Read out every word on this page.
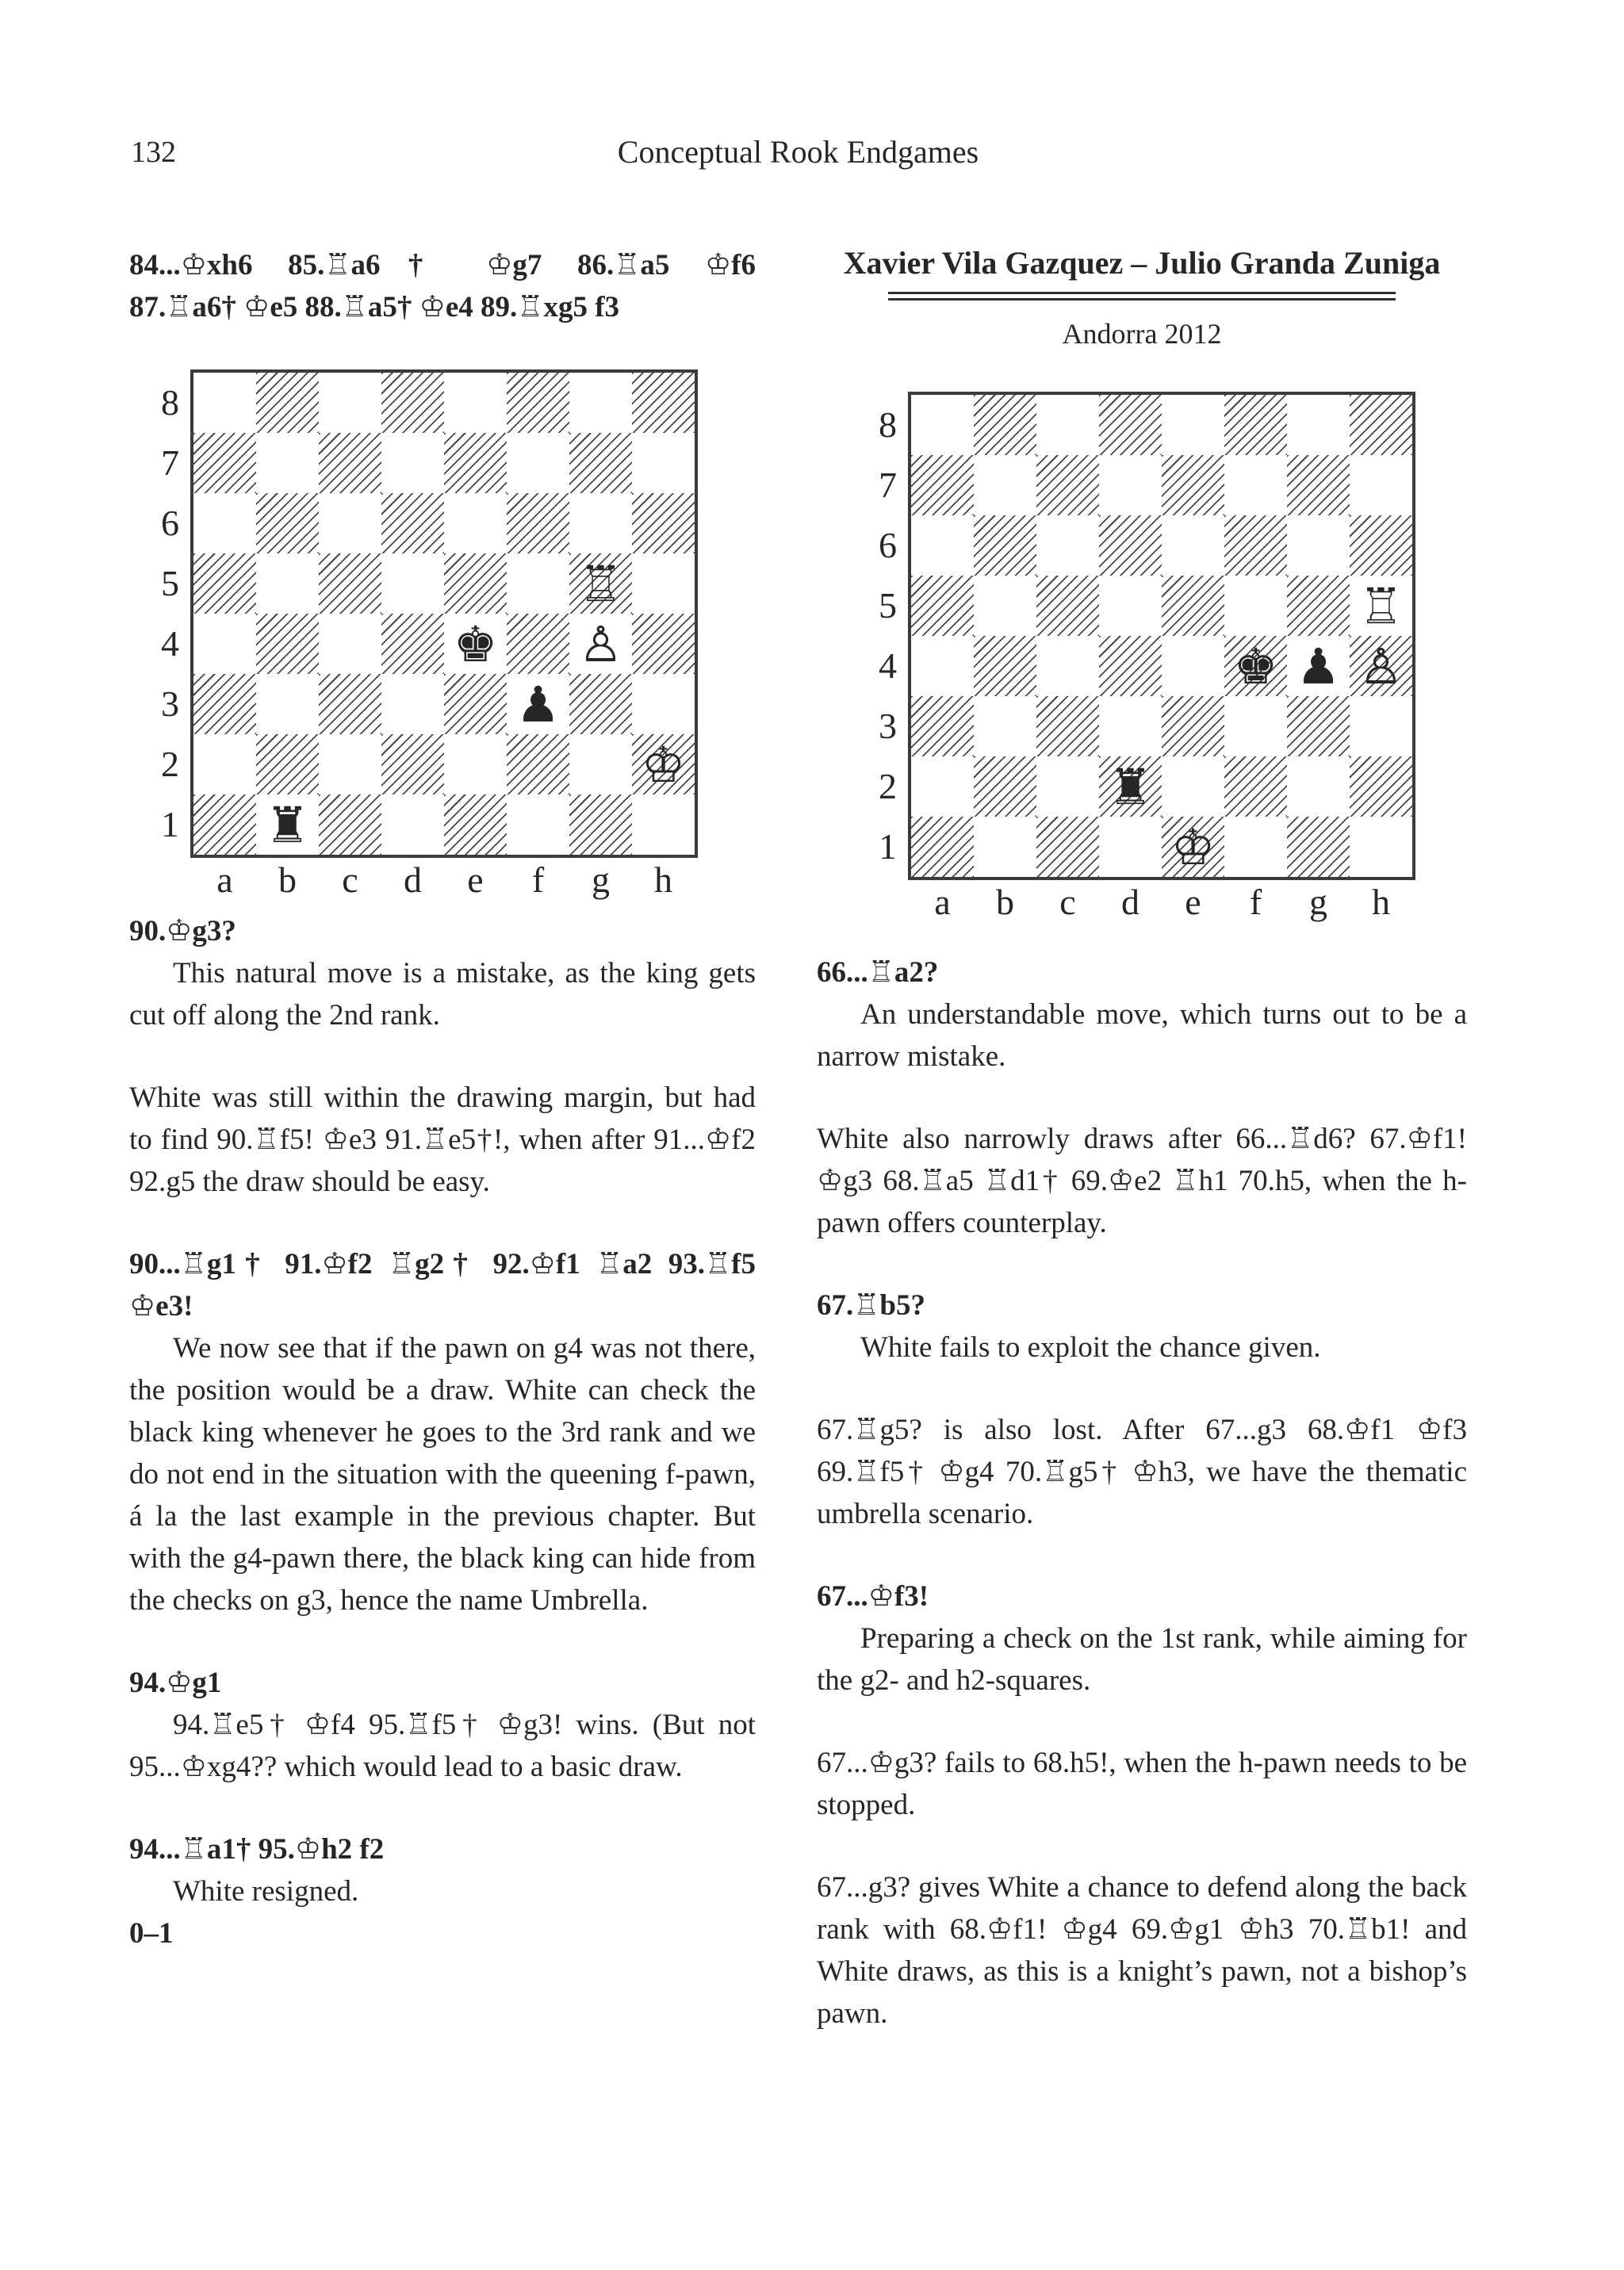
132	Conceptual Rook Endgames

84...♔xh6 85.♖a6† ♔g7 86.♖a5 ♔f6

87.♖a6† ♔e5 88.♖a5† ♔e4 89.♖xg5 f3

8
7
6
5
4
3
2
1
♖
♚ ♙
♟
♔
♜
a	b	c	d	e	f	g	h

90.♔g3?

This natural move is a mistake, as the king gets cut off along the 2nd rank.

White was still within the drawing margin, but had to find 90.♖f5! ♔e3 91.♖e5†!, when after 91...♔f2 92.g5 the draw should be easy.

90...♖g1† 91.♔f2 ♖g2† 92.♔f1 ♖a2 93.♖f5

♔e3!

We now see that if the pawn on g4 was not there, the position would be a draw. White can check the black king whenever he goes to the 3rd rank and we do not end in the situation with the queening f-pawn, á la the last example in the previous chapter. But with the g4-pawn there, the black king can hide from the checks on g3, hence the name Umbrella.

94.♔g1

94.♖e5† ♔f4 95.♖f5† ♔g3! wins. (But not 95...♔xg4?? which would lead to a basic draw.

94...♖a1† 95.♔h2 f2

White resigned.

0–1

Xavier Vila Gazquez – Julio Granda Zuniga

Andorra 2012

8
7
6
5
4
3
2
1
♖
♚ ♟ ♙
♜
♔
a	b	c	d	e	f	g	h

66...♖a2?

An understandable move, which turns out to be a narrow mistake.

White also narrowly draws after 66...♖d6? 67.♔f1! ♔g3 68.♖a5 ♖d1† 69.♔e2 ♖h1 70.h5, when the h-pawn offers counterplay.

67.♖b5?

White fails to exploit the chance given.

67.♖g5? is also lost. After 67...g3 68.♔f1 ♔f3 69.♖f5† ♔g4 70.♖g5† ♔h3, we have the thematic umbrella scenario.

67...♔f3!

Preparing a check on the 1st rank, while aiming for the g2- and h2-squares.

67...♔g3? fails to 68.h5!, when the h-pawn needs to be stopped.

67...g3? gives White a chance to defend along the back rank with 68.♔f1! ♔g4 69.♔g1 ♔h3 70.♖b1! and White draws, as this is a knight’s pawn, not a bishop’s pawn.
